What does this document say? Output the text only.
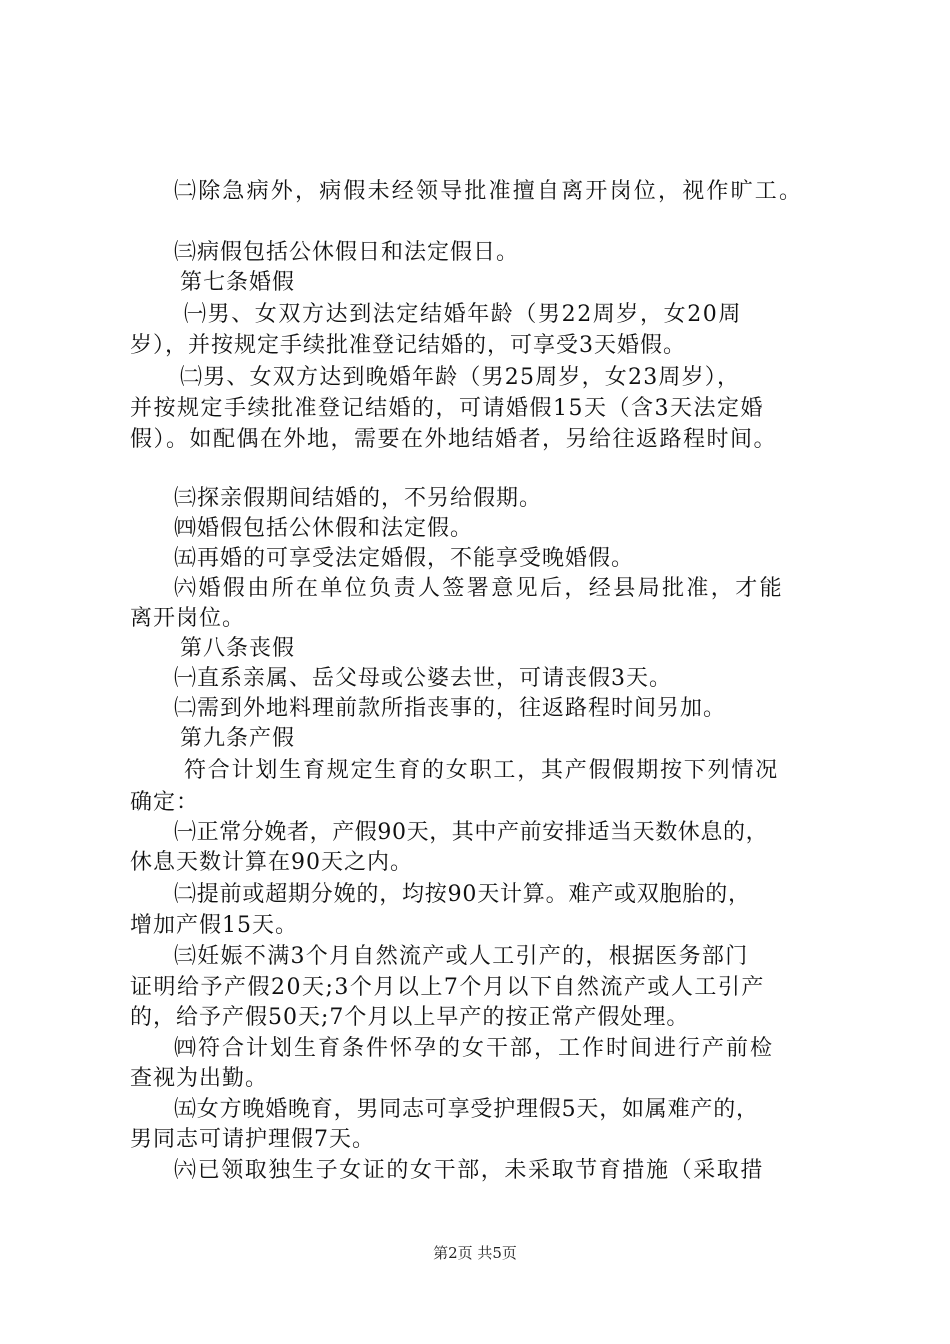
㈡除急病外，病假未经领导批准擅自离开岗位，视作旷工。
㈢病假包括公休假日和法定假日。
第七条婚假
㈠男、女双方达到法定结婚年龄（男22周岁，女20周
岁），并按规定手续批准登记结婚的，可享受3天婚假。
㈡男、女双方达到晚婚年龄（男25周岁，女23周岁），
并按规定手续批准登记结婚的，可请婚假15天（含3天法定婚
假）。如配偶在外地，需要在外地结婚者，另给往返路程时间。
㈢探亲假期间结婚的，不另给假期。
㈣婚假包括公休假和法定假。
㈤再婚的可享受法定婚假，不能享受晚婚假。
㈥婚假由所在单位负责人签署意见后，经县局批准，才能
离开岗位。
第八条丧假
㈠直系亲属、岳父母或公婆去世，可请丧假3天。
㈡需到外地料理前款所指丧事的，往返路程时间另加。
第九条产假
符合计划生育规定生育的女职工，其产假假期按下列情况
确定：
㈠正常分娩者，产假90天，其中产前安排适当天数休息的，
休息天数计算在90天之内。
㈡提前或超期分娩的，均按90天计算。难产或双胞胎的，
增加产假15天。
㈢妊娠不满3个月自然流产或人工引产的，根据医务部门
证明给予产假20天;3个月以上7个月以下自然流产或人工引产
的，给予产假50天;7个月以上早产的按正常产假处理。
㈣符合计划生育条件怀孕的女干部，工作时间进行产前检
查视为出勤。
㈤女方晚婚晚育，男同志可享受护理假5天，如属难产的，
男同志可请护理假7天。
㈥已领取独生子女证的女干部，未采取节育措施（采取措
第2页 共5页
